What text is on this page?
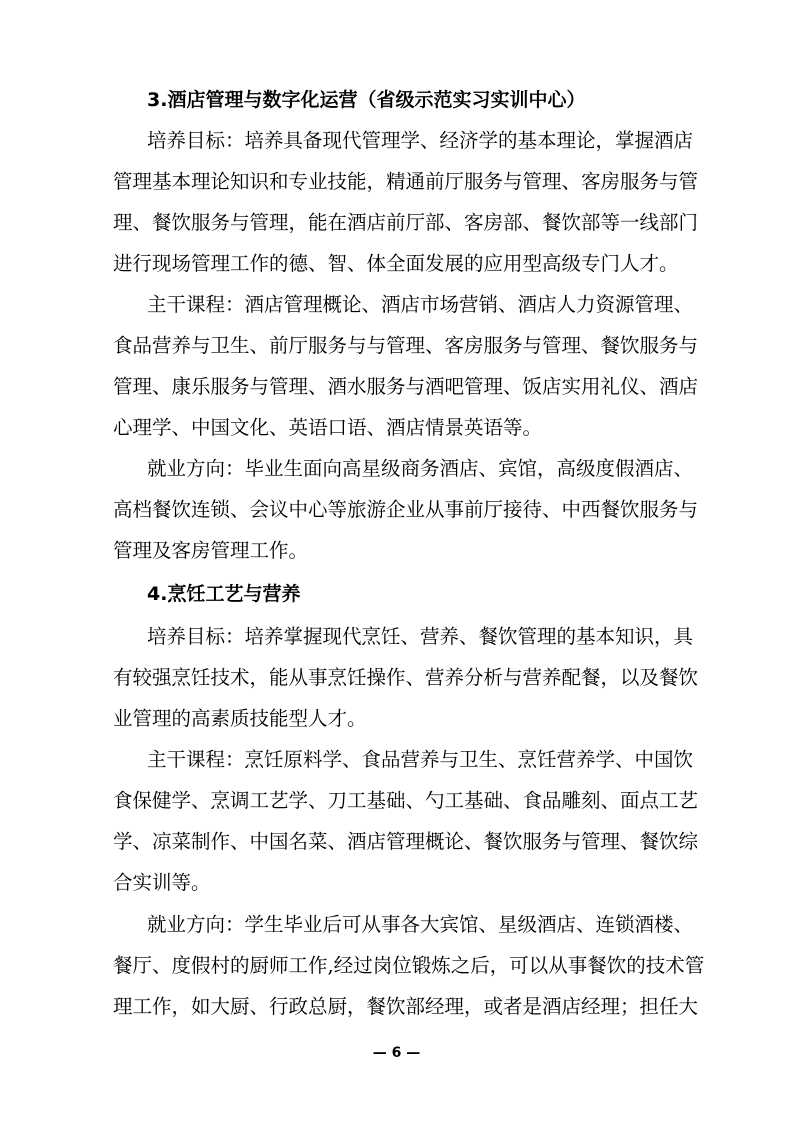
3.酒店管理与数字化运营（省级示范实习实训中心）
培养目标：培养具备现代管理学、经济学的基本理论，掌握酒店
管理基本理论知识和专业技能，精通前厅服务与管理、客房服务与管
理、餐饮服务与管理，能在酒店前厅部、客房部、餐饮部等一线部门
进行现场管理工作的德、智、体全面发展的应用型高级专门人才。
主干课程：酒店管理概论、酒店市场营销、酒店人力资源管理、
食品营养与卫生、前厅服务与与管理、客房服务与管理、餐饮服务与
管理、康乐服务与管理、酒水服务与酒吧管理、饭店实用礼仪、酒店
心理学、中国文化、英语口语、酒店情景英语等。
就业方向：毕业生面向高星级商务酒店、宾馆，高级度假酒店、
高档餐饮连锁、会议中心等旅游企业从事前厅接待、中西餐饮服务与
管理及客房管理工作。
4.烹饪工艺与营养
培养目标：培养掌握现代烹饪、营养、餐饮管理的基本知识，具
有较强烹饪技术，能从事烹饪操作、营养分析与营养配餐，以及餐饮
业管理的高素质技能型人才。
主干课程：烹饪原料学、食品营养与卫生、烹饪营养学、中国饮
食保健学、烹调工艺学、刀工基础、勺工基础、食品雕刻、面点工艺
学、凉菜制作、中国名菜、酒店管理概论、餐饮服务与管理、餐饮综
合实训等。
就业方向：学生毕业后可从事各大宾馆、星级酒店、连锁酒楼、
餐厅、度假村的厨师工作,经过岗位锻炼之后，可以从事餐饮的技术管
理工作，如大厨、行政总厨，餐饮部经理，或者是酒店经理；担任大
— 6 —
